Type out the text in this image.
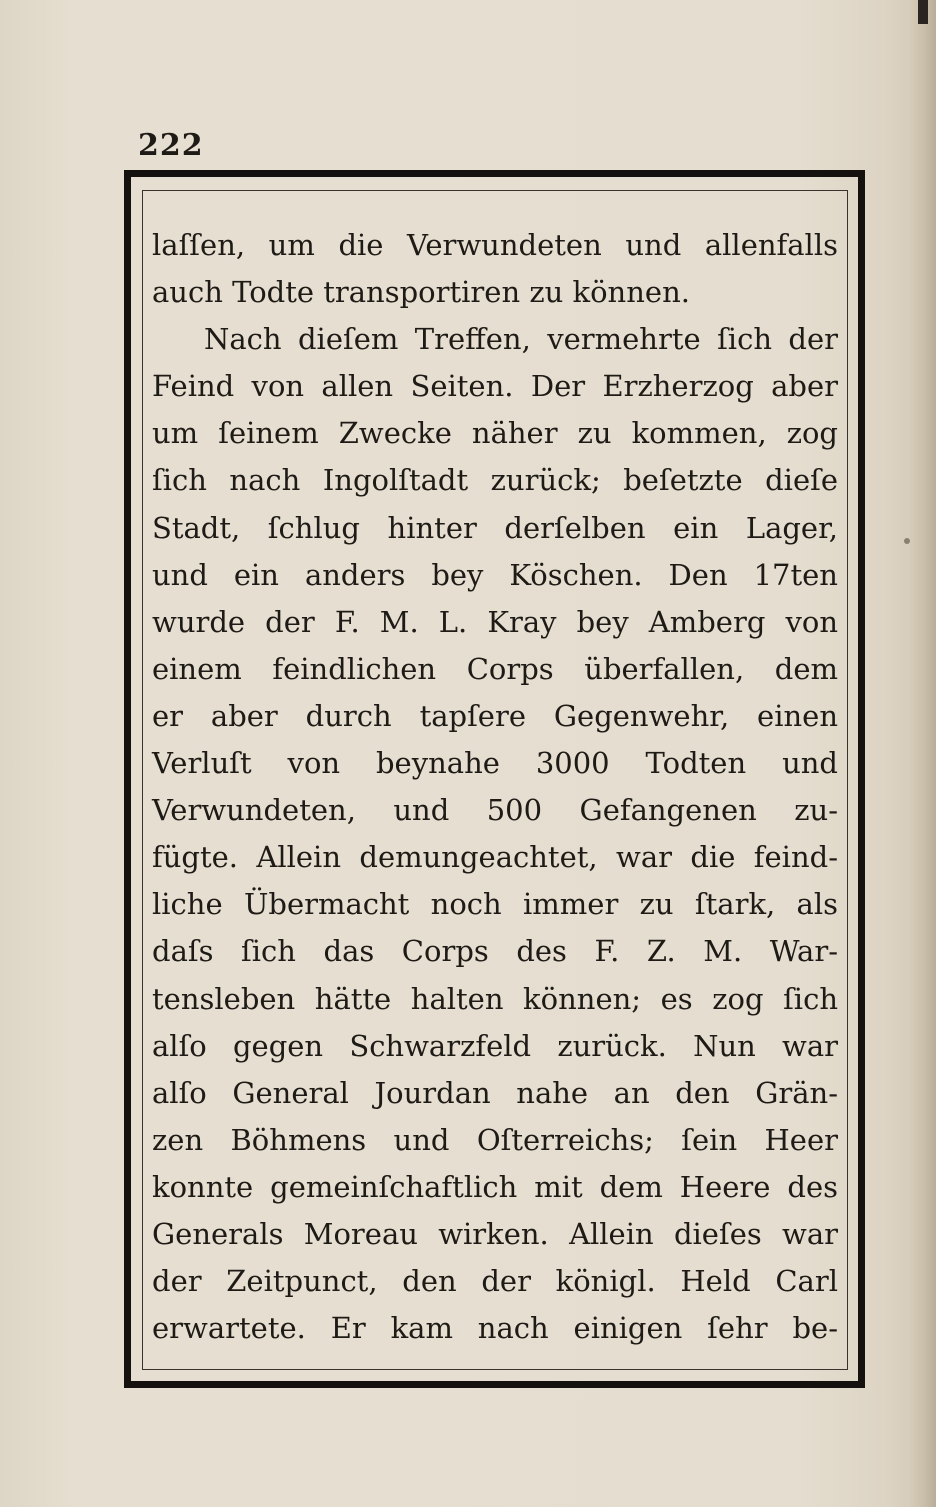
222
laſſen, um die Verwundeten und allenfalls
auch Todte transportiren zu können.
Nach dieſem Treffen, vermehrte ſich der
Feind von allen Seiten. Der Erzherzog aber
um ſeinem Zwecke näher zu kommen, zog
ſich nach Ingolſtadt zurück; beſetzte dieſe
Stadt, ſchlug hinter derſelben ein Lager,
und ein anders bey Köschen. Den 17ten
wurde der F. M. L. Kray bey Amberg von
einem feindlichen Corps überfallen, dem
er aber durch tapſere Gegenwehr, einen
Verluſt von beynahe 3000 Todten und
Verwundeten, und 500 Gefangenen zu-
fügte. Allein demungeachtet, war die feind-
liche Übermacht noch immer zu ſtark, als
daſs ſich das Corps des F. Z. M. War-
tensleben hätte halten können; es zog ſich
alſo gegen Schwarzfeld zurück. Nun war
alſo General Jourdan nahe an den Grän-
zen Böhmens und Oſterreichs; ſein Heer
konnte gemeinſchaftlich mit dem Heere des
Generals Moreau wirken. Allein dieſes war
der Zeitpunct, den der königl. Held Carl
erwartete. Er kam nach einigen ſehr be-
